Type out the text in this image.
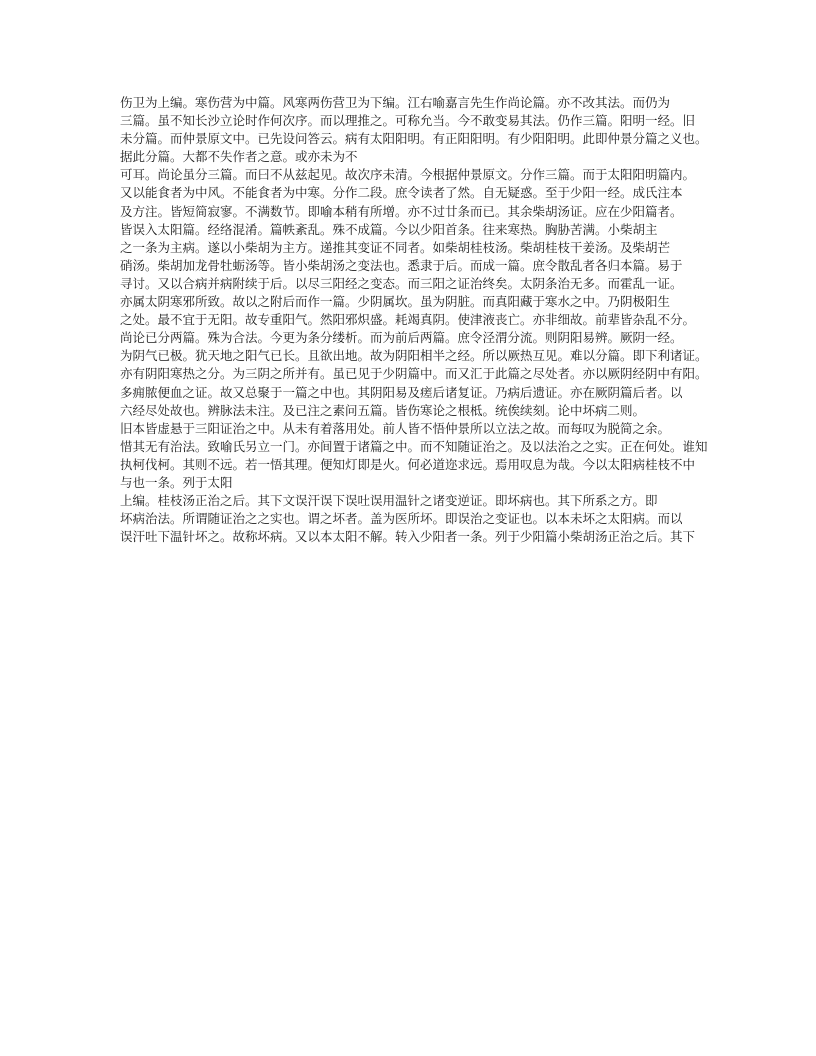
伤卫为上编。寒伤营为中篇。风寒两伤营卫为下编。江右喻嘉言先生作尚论篇。亦不改其法。而仍为

三篇。虽不知长沙立论时作何次序。而以理推之。可称允当。今不敢变易其法。仍作三篇。阳明一经。旧

未分篇。而仲景原文中。已先设问答云。病有太阳阳明。有正阳阳明。有少阳阳明。此即仲景分篇之义也。

据此分篇。大都不失作者之意。或亦未为不

可耳。尚论虽分三篇。而曰不从兹起见。故次序未清。今根据仲景原文。分作三篇。而于太阳阳明篇内。

又以能食者为中风。不能食者为中寒。分作二段。庶令读者了然。自无疑惑。至于少阳一经。成氏注本

及方注。皆短简寂寥。不满数节。即喻本稍有所增。亦不过廿条而已。其余柴胡汤证。应在少阳篇者。

皆误入太阳篇。经络混淆。篇帙紊乱。殊不成篇。今以少阳首条。往来寒热。胸胁苦满。小柴胡主

之一条为主病。遂以小柴胡为主方。递推其变证不同者。如柴胡桂枝汤。柴胡桂枝干姜汤。及柴胡芒

硝汤。柴胡加龙骨牡蛎汤等。皆小柴胡汤之变法也。悉隶于后。而成一篇。庶令散乱者各归本篇。易于

寻讨。又以合病并病附续于后。以尽三阳经之变态。而三阳之证治终矣。太阴条治无多。而霍乱一证。

亦属太阴寒邪所致。故以之附后而作一篇。少阴属坎。虽为阴脏。而真阳藏于寒水之中。乃阴极阳生

之处。最不宜于无阳。故专重阳气。然阳邪炽盛。耗竭真阴。使津液丧亡。亦非细故。前辈皆杂乱不分。

尚论已分两篇。殊为合法。今更为条分缕析。而为前后两篇。庶令泾渭分流。则阴阳易辨。厥阴一经。

为阴气已极。犹天地之阳气已长。且欲出地。故为阴阳相半之经。所以厥热互见。难以分篇。即下利诸证。

亦有阴阳寒热之分。为三阴之所并有。虽已见于少阴篇中。而又汇于此篇之尽处者。亦以厥阴经阴中有阳。

多痈脓便血之证。故又总聚于一篇之中也。其阴阳易及瘥后诸复证。乃病后遗证。亦在厥阴篇后者。以

六经尽处故也。辨脉法未注。及已注之素问五篇。皆伤寒论之根柢。统俟续刻。论中坏病二则。

旧本皆虚悬于三阳证治之中。从未有着落用处。前人皆不悟仲景所以立法之故。而每叹为脱简之余。

惜其无有治法。致喻氏另立一门。亦间置于诸篇之中。而不知随证治之。及以法治之之实。正在何处。谁知

执柯伐柯。其则不远。若一悟其理。便知灯即是火。何必道迩求远。焉用叹息为哉。今以太阳病桂枝不中

与也一条。列于太阳

上编。桂枝汤正治之后。其下文误汗误下误吐误用温针之诸变逆证。即坏病也。其下所系之方。即

坏病治法。所谓随证治之之实也。谓之坏者。盖为医所坏。即误治之变证也。以本未坏之太阳病。而以

误汗吐下温针坏之。故称坏病。又以本太阳不解。转入少阳者一条。列于少阳篇小柴胡汤正治之后。其下
